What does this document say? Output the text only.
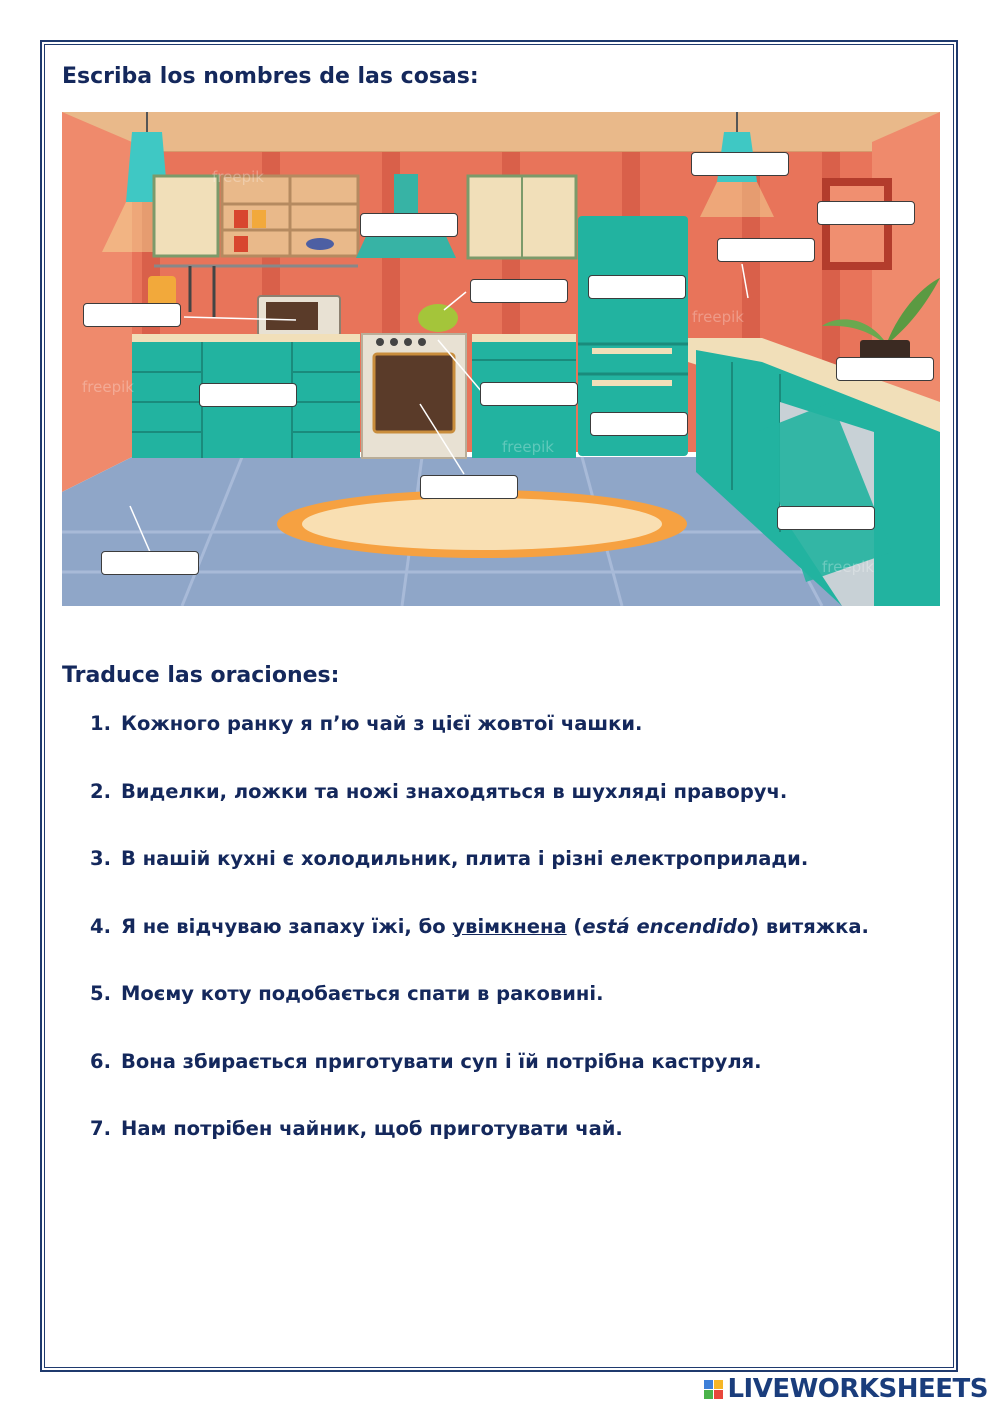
Escriba los nombres de las cosas:
freepik
freepik
freepik
freepik
freepik
Traduce las oraciones:
1. Кожного ранку я п’ю чай з цієї жовтої чашки.
2. Виделки, ложки та ножі знаходяться в шухляді праворуч.
3. В нашій кухні є холодильник, плита і різні електроприлади.
4. Я не відчуваю запаху їжі, бо увімкнена (está encendido) витяжка.
5. Моєму коту подобається спати в раковині.
6. Вона збирається приготувати суп і їй потрібна каструля.
7. Нам потрібен чайник, щоб приготувати чай.
LIVEWORKSHEETS
